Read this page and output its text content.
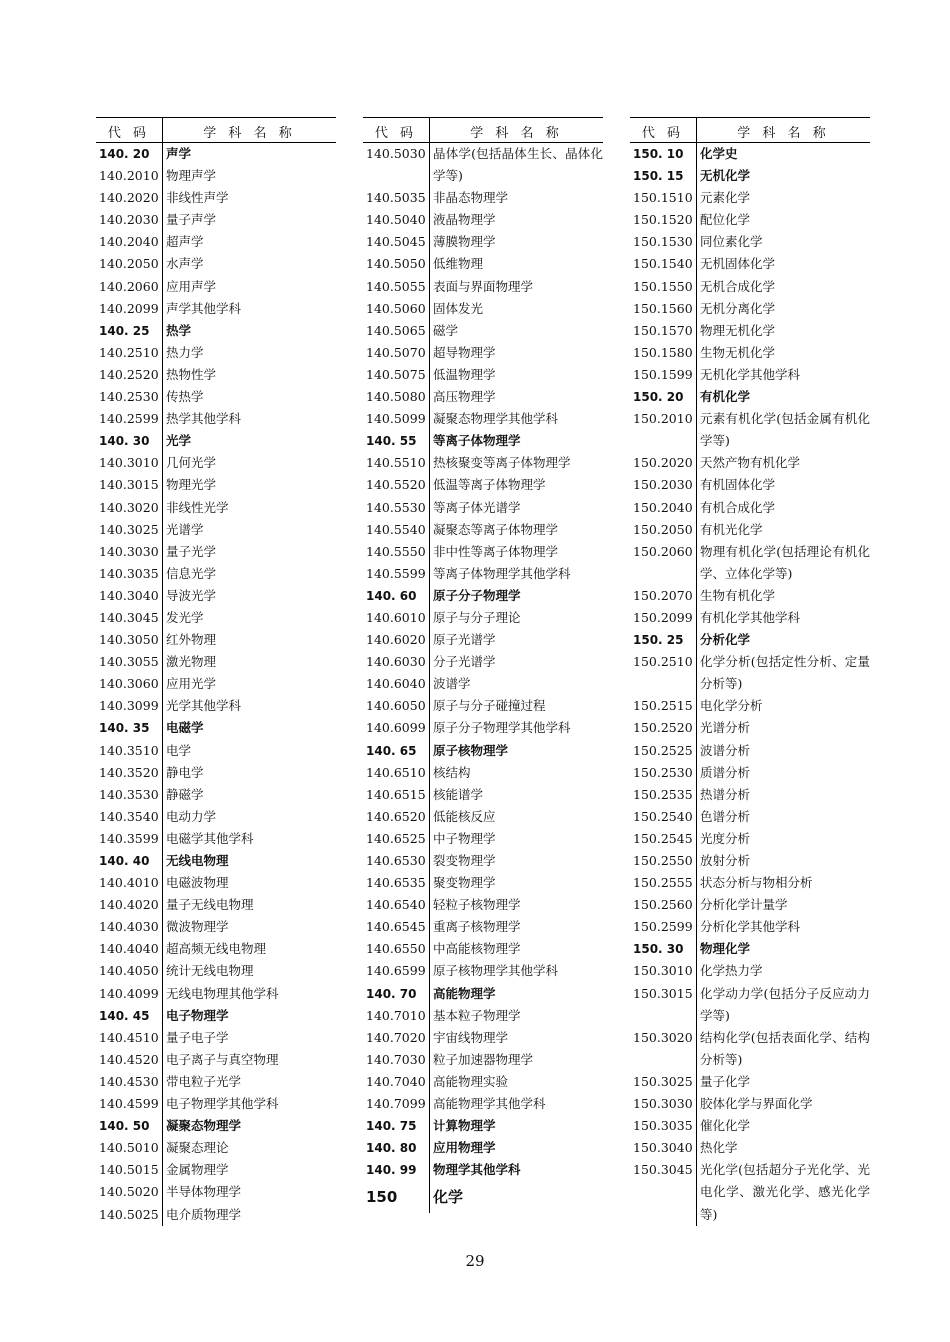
代 码	学 科 名 称
140. 20	声学
140.2010 物理声学
140.2020 非线性声学
140.2030 量子声学
140.2040 超声学
140.2050 水声学
140.2060 应用声学
140.2099 声学其他学科
140. 25	热学
140.2510 热力学
140.2520 热物性学
140.2530 传热学
140.2599 热学其他学科
140. 30	光学
140.3010 几何光学
140.3015 物理光学
140.3020 非线性光学
140.3025 光谱学
140.3030 量子光学
140.3035 信息光学
140.3040 导波光学
140.3045 发光学
140.3050 红外物理
140.3055 激光物理
140.3060 应用光学
140.3099 光学其他学科
140. 35	电磁学
140.3510 电学
140.3520 静电学
140.3530 静磁学
140.3540 电动力学
140.3599 电磁学其他学科
140. 40	无线电物理
140.4010 电磁波物理
140.4020 量子无线电物理
140.4030 微波物理学
140.4040 超高频无线电物理
140.4050 统计无线电物理
140.4099 无线电物理其他学科
140. 45	电子物理学
140.4510 量子电子学
140.4520 电子离子与真空物理
140.4530 带电粒子光学
140.4599 电子物理学其他学科
140. 50	凝聚态物理学
140.5010 凝聚态理论
140.5015 金属物理学
140.5020 半导体物理学
140.5025 电介质物理学
代 码	学 科 名 称
140.5030 晶体学(包括晶体生长、晶体化学等)
140.5035 非晶态物理学
140.5040 液晶物理学
140.5045 薄膜物理学
140.5050 低维物理
140.5055 表面与界面物理学
140.5060 固体发光
140.5065 磁学
140.5070 超导物理学
140.5075 低温物理学
140.5080 高压物理学
140.5099 凝聚态物理学其他学科
140. 55	等离子体物理学
140.5510 热核聚变等离子体物理学
140.5520 低温等离子体物理学
140.5530 等离子体光谱学
140.5540 凝聚态等离子体物理学
140.5550 非中性等离子体物理学
140.5599 等离子体物理学其他学科
140. 60	原子分子物理学
140.6010 原子与分子理论
140.6020 原子光谱学
140.6030 分子光谱学
140.6040 波谱学
140.6050 原子与分子碰撞过程
140.6099 原子分子物理学其他学科
140. 65	原子核物理学
140.6510 核结构
140.6515 核能谱学
140.6520 低能核反应
140.6525 中子物理学
140.6530 裂变物理学
140.6535 聚变物理学
140.6540 轻粒子核物理学
140.6545 重离子核物理学
140.6550 中高能核物理学
140.6599 原子核物理学其他学科
140. 70	高能物理学
140.7010 基本粒子物理学
140.7020 宇宙线物理学
140.7030 粒子加速器物理学
140.7040 高能物理实验
140.7099 高能物理学其他学科
140. 75	计算物理学
140. 80	应用物理学
140. 99	物理学其他学科
150	化学
代 码	学 科 名 称
150. 10	化学史
150. 15	无机化学
150.1510 元素化学
150.1520 配位化学
150.1530 同位素化学
150.1540 无机固体化学
150.1550 无机合成化学
150.1560 无机分离化学
150.1570 物理无机化学
150.1580 生物无机化学
150.1599 无机化学其他学科
150. 20	有机化学
150.2010 元素有机化学(包括金属有机化学等)
150.2020 天然产物有机化学
150.2030 有机固体化学
150.2040 有机合成化学
150.2050 有机光化学
150.2060 物理有机化学(包括理论有机化学、立体化学等)
150.2070 生物有机化学
150.2099 有机化学其他学科
150. 25	分析化学
150.2510 化学分析(包括定性分析、定量分析等)
150.2515 电化学分析
150.2520 光谱分析
150.2525 波谱分析
150.2530 质谱分析
150.2535 热谱分析
150.2540 色谱分析
150.2545 光度分析
150.2550 放射分析
150.2555 状态分析与物相分析
150.2560 分析化学计量学
150.2599 分析化学其他学科
150. 30	物理化学
150.3010 化学热力学
150.3015 化学动力学(包括分子反应动力学等)
150.3020 结构化学(包括表面化学、结构分析等)
150.3025 量子化学
150.3030 胶体化学与界面化学
150.3035 催化化学
150.3040 热化学
150.3045 光化学(包括超分子光化学、光电化学、激光化学、感光化学等)
29
